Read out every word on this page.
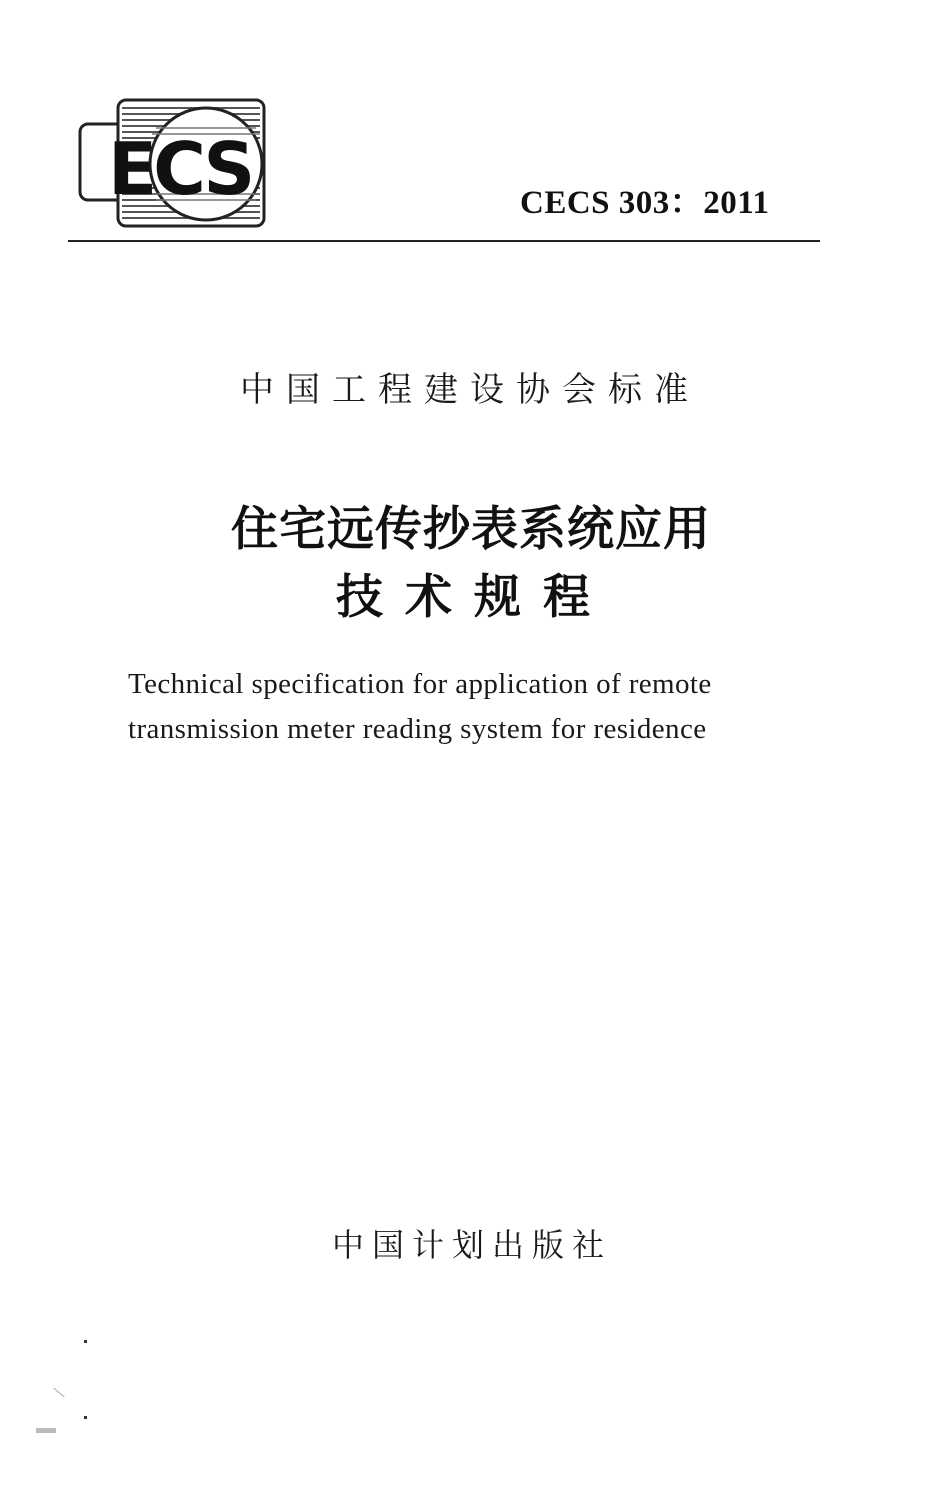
ECS	CECS 303：2011
中国工程建设协会标准
住宅远传抄表系统应用
技术规程
Technical specification for application of remote
transmission meter reading system for residence
中国计划出版社
